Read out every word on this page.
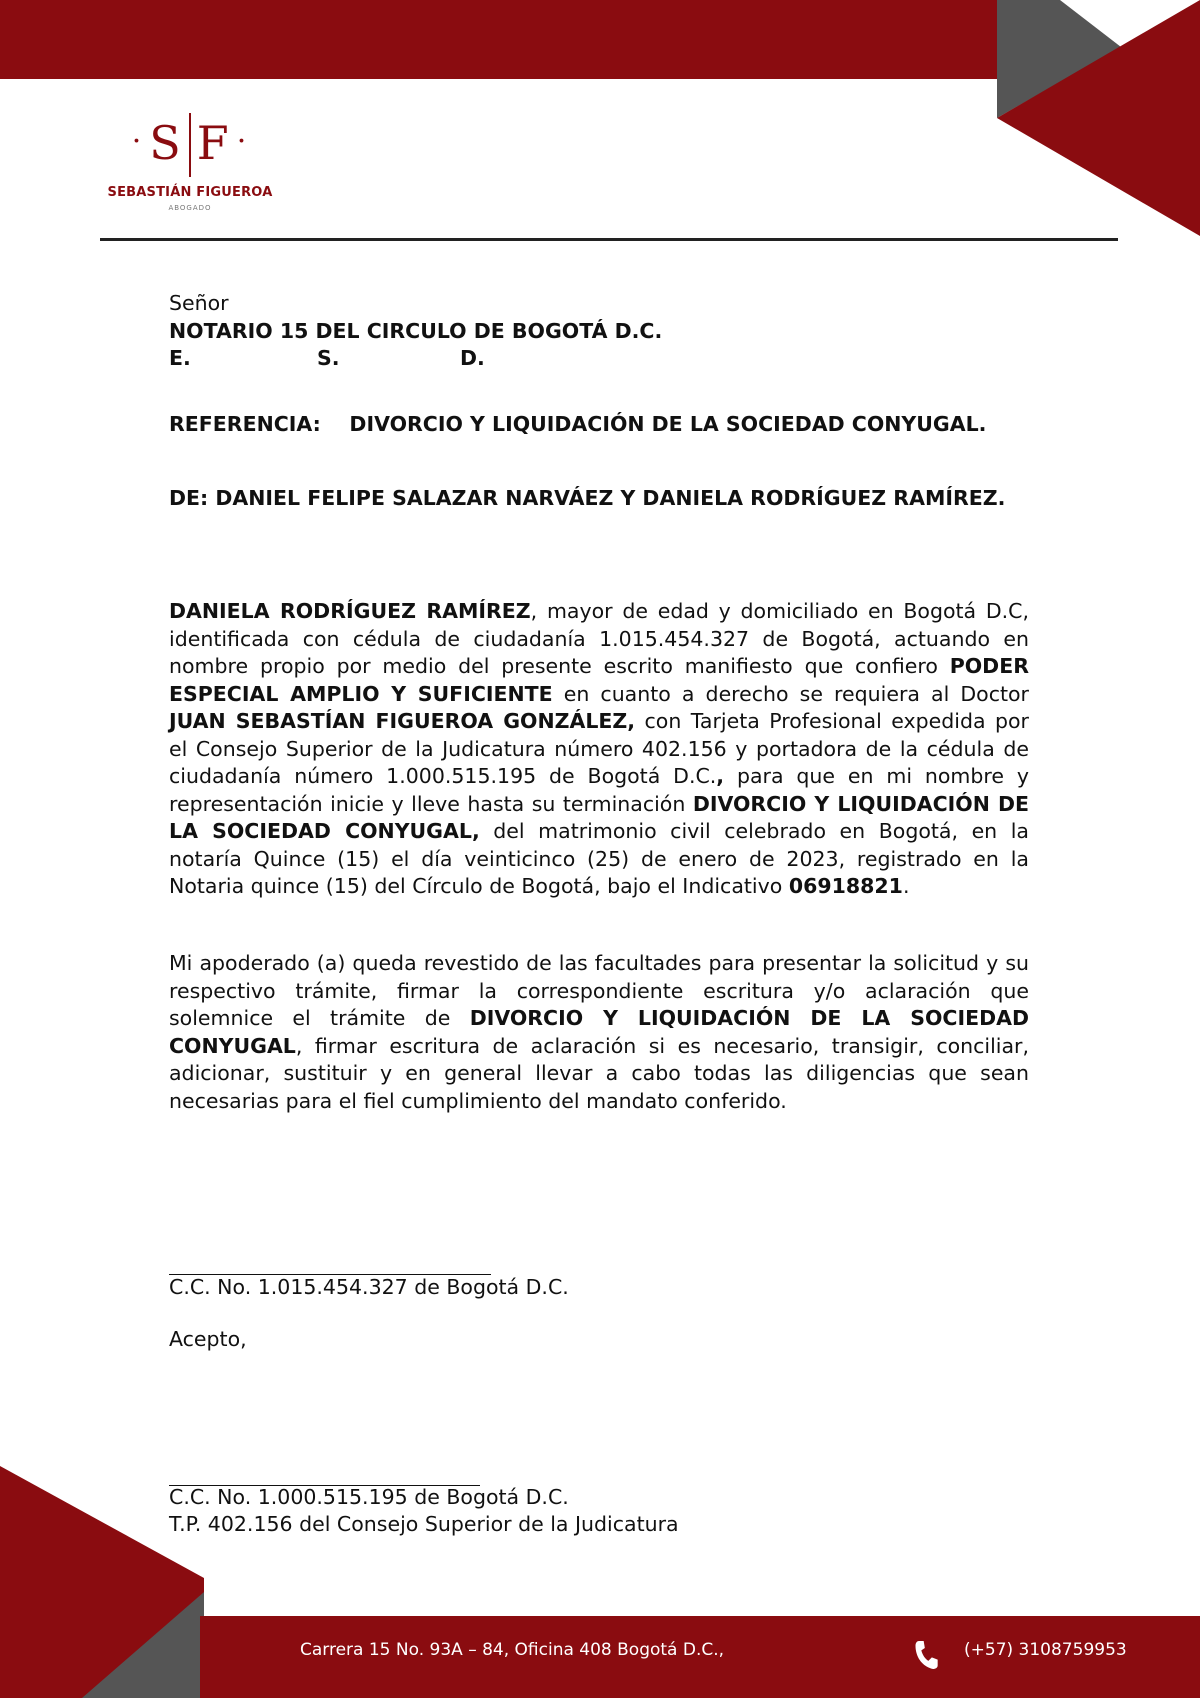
· S F ·
SEBASTIÁN FIGUEROA
ABOGADO
Señor
NOTARIO 15 DEL CIRCULO DE BOGOTÁ D.C.
E.	S.	D.
REFERENCIA: DIVORCIO Y LIQUIDACIÓN DE LA SOCIEDAD CONYUGAL.
DE: DANIEL FELIPE SALAZAR NARVÁEZ Y DANIELA RODRÍGUEZ RAMÍREZ.
DANIELA RODRÍGUEZ RAMÍREZ, mayor de edad y domiciliado en Bogotá D.C, identificada con cédula de ciudadanía 1.015.454.327 de Bogotá, actuando en nombre propio por medio del presente escrito manifiesto que confiero PODER ESPECIAL AMPLIO Y SUFICIENTE en cuanto a derecho se requiera al Doctor JUAN SEBASTÍAN FIGUEROA GONZÁLEZ, con Tarjeta Profesional expedida por el Consejo Superior de la Judicatura número 402.156 y portadora de la cédula de ciudadanía número 1.000.515.195 de Bogotá D.C., para que en mi nombre y representación inicie y lleve hasta su terminación DIVORCIO Y LIQUIDACIÓN DE LA SOCIEDAD CONYUGAL, del matrimonio civil celebrado en Bogotá, en la notaría Quince (15) el día veinticinco (25) de enero de 2023, registrado en la Notaria quince (15) del Círculo de Bogotá, bajo el Indicativo 06918821.
Mi apoderado (a) queda revestido de las facultades para presentar la solicitud y su respectivo trámite, firmar la correspondiente escritura y/o aclaración que solemnice el trámite de DIVORCIO Y LIQUIDACIÓN DE LA SOCIEDAD CONYUGAL, firmar escritura de aclaración si es necesario, transigir, conciliar, adicionar, sustituir y en general llevar a cabo todas las diligencias que sean necesarias para el fiel cumplimiento del mandato conferido.
C.C. No. 1.015.454.327 de Bogotá D.C.
Acepto,
C.C. No. 1.000.515.195 de Bogotá D.C.
T.P. 402.156 del Consejo Superior de la Judicatura
Carrera 15 No. 93A – 84, Oficina 408 Bogotá D.C.,	(+57) 3108759953
